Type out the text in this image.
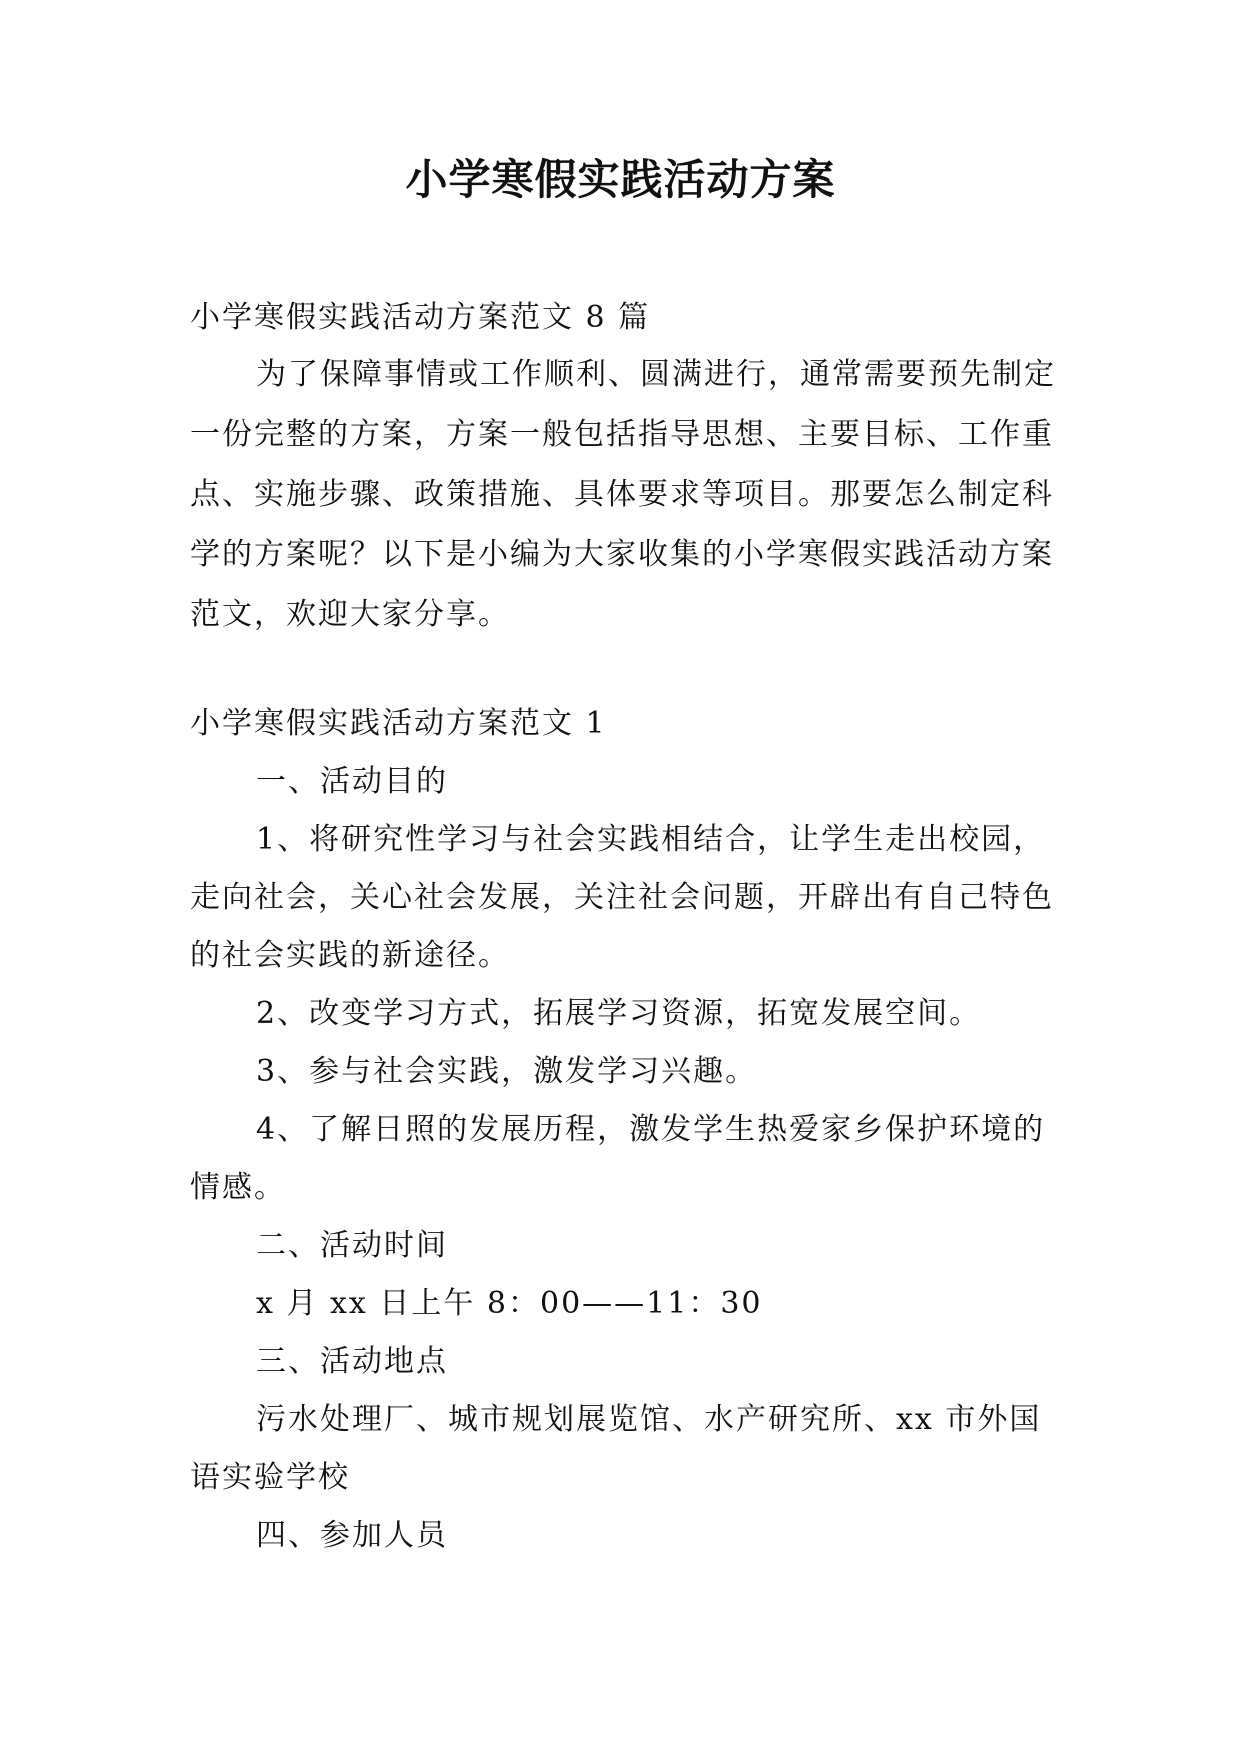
小学寒假实践活动方案

小学寒假实践活动方案范文 8 篇

为了保障事情或工作顺利、圆满进行，通常需要预先制定一份完整的方案，方案一般包括指导思想、主要目标、工作重点、实施步骤、政策措施、具体要求等项目。那要怎么制定科学的方案呢？以下是小编为大家收集的小学寒假实践活动方案范文，欢迎大家分享。

小学寒假实践活动方案范文 1

一、活动目的

1、将研究性学习与社会实践相结合，让学生走出校园，走向社会，关心社会发展，关注社会问题，开辟出有自己特色的社会实践的新途径。

2、改变学习方式，拓展学习资源，拓宽发展空间。

3、参与社会实践，激发学习兴趣。

4、了解日照的发展历程，激发学生热爱家乡保护环境的情感。

二、活动时间

x 月 xx 日上午 8：00——11：30

三、活动地点

污水处理厂、城市规划展览馆、水产研究所、xx 市外国语实验学校

四、参加人员
